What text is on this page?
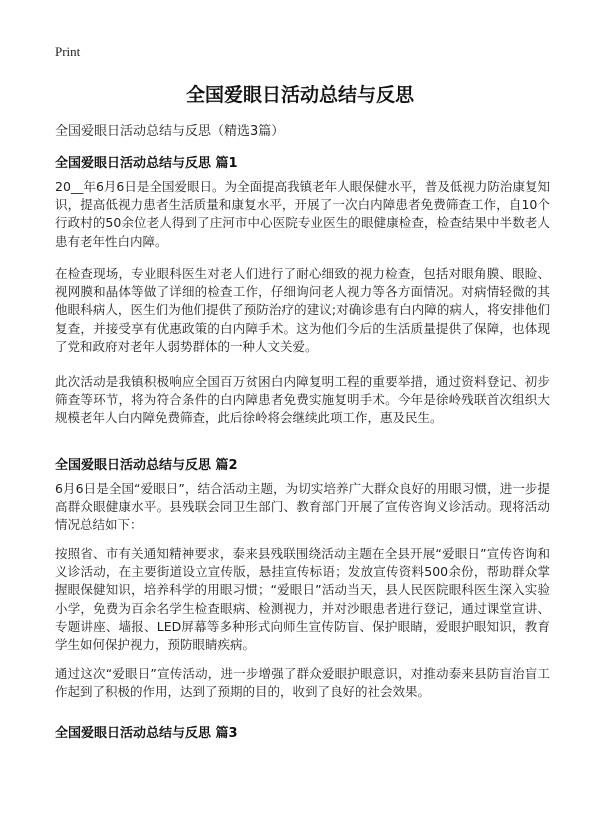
Print
全国爱眼日活动总结与反思

全国爱眼日活动总结与反思（精选3篇）

全国爱眼日活动总结与反思 篇1

20__年6月6日是全国爱眼日。为全面提高我镇老年人眼保健水平，普及低视力防治康复知识，提高低视力患者生活质量和康复水平，开展了一次白内障患者免费筛查工作，自10个行政村的50余位老人得到了庄河市中心医院专业医生的眼健康检查，检查结果中半数老人患有老年性白内障。

在检查现场，专业眼科医生对老人们进行了耐心细致的视力检查，包括对眼角膜、眼睑、视网膜和晶体等做了详细的检查工作，仔细询问老人视力等各方面情况。对病情轻微的其他眼科病人，医生们为他们提供了预防治疗的建议;对确诊患有白内障的病人，将安排他们复查，并接受享有优惠政策的白内障手术。这为他们今后的生活质量提供了保障，也体现了党和政府对老年人弱势群体的一种人文关爱。

此次活动是我镇积极响应全国百万贫困白内障复明工程的重要举措，通过资料登记、初步筛查等环节，将为符合条件的白内障患者免费实施复明手术。今年是徐岭残联首次组织大规模老年人白内障免费筛查，此后徐岭将会继续此项工作，惠及民生。

全国爱眼日活动总结与反思 篇2

6月6日是全国“爱眼日”，结合活动主题，为切实培养广大群众良好的用眼习惯，进一步提高群众眼健康水平。县残联会同卫生部门、教育部门开展了宣传咨询义诊活动。现将活动情况总结如下：

按照省、市有关通知精神要求，泰来县残联围绕活动主题在全县开展“爱眼日”宣传咨询和义诊活动，在主要街道设立宣传版，悬挂宣传标语；发放宣传资料500余份，帮助群众掌握眼保健知识，培养科学的用眼习惯；“爱眼日”活动当天，县人民医院眼科医生深入实验小学，免费为百余名学生检查眼病、检测视力，并对沙眼患者进行登记，通过课堂宣讲、专题讲座、墙报、LED屏幕等多种形式向师生宣传防盲、保护眼睛，爱眼护眼知识，教育学生如何保护视力，预防眼睛疾病。

通过这次“爱眼日”宣传活动，进一步增强了群众爱眼护眼意识，对推动泰来县防盲治盲工作起到了积极的作用，达到了预期的目的，收到了良好的社会效果。

全国爱眼日活动总结与反思 篇3
